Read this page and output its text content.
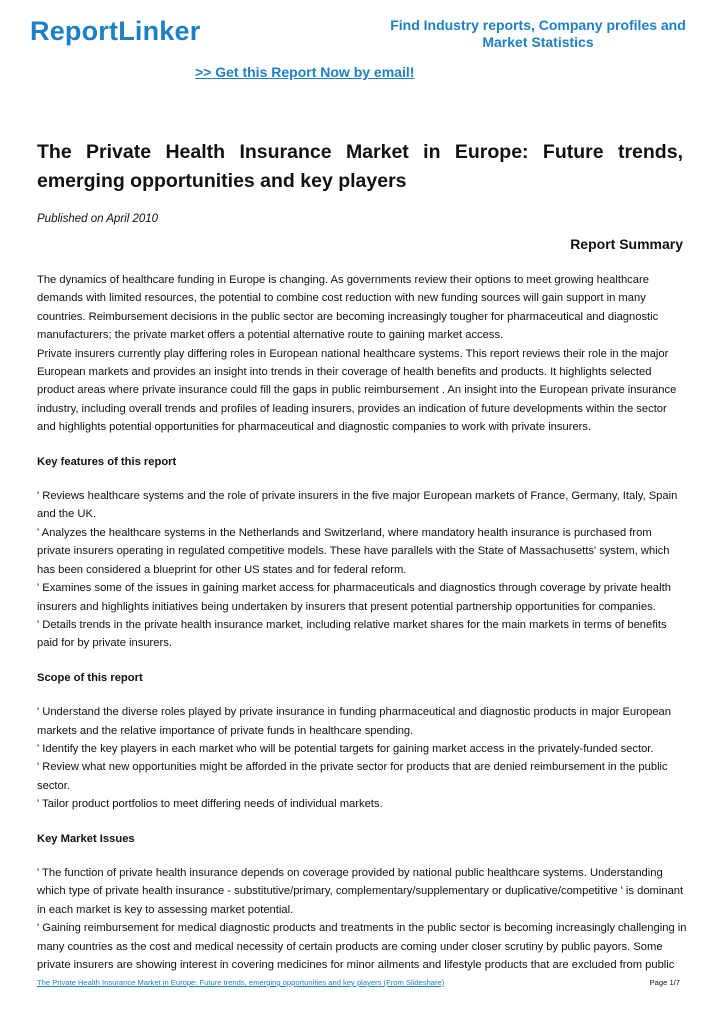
ReportLinker	Find Industry reports, Company profiles and Market Statistics
>> Get this Report Now by email!
The Private Health Insurance Market in Europe: Future trends, emerging opportunities and key players
Published on April 2010
Report Summary

The dynamics of healthcare funding in Europe is changing. As governments review their options to meet growing healthcare demands with limited resources, the potential to combine cost reduction with new funding sources will gain support in many countries. Reimbursement decisions in the public sector are becoming increasingly tougher for pharmaceutical and diagnostic manufacturers; the private market offers a potential alternative route to gaining market access.

Private insurers currently play differing roles in European national healthcare systems. This report reviews their role in the major European markets and provides an insight into trends in their coverage of health benefits and products. It highlights selected product areas where private insurance could fill the gaps in public reimbursement . An insight into the European private insurance industry, including overall trends and profiles of leading insurers, provides an indication of future developments within the sector and highlights potential opportunities for pharmaceutical and diagnostic companies to work with private insurers.

Key features of this report

' Reviews healthcare systems and the role of private insurers in the five major European markets of France, Germany, Italy, Spain and the UK.

' Analyzes the healthcare systems in the Netherlands and Switzerland, where mandatory health insurance is purchased from private insurers operating in regulated competitive models. These have parallels with the State of Massachusetts' system, which has been considered a blueprint for other US states and for federal reform.

' Examines some of the issues in gaining market access for pharmaceuticals and diagnostics through coverage by private health insurers and highlights initiatives being undertaken by insurers that present potential partnership opportunities for companies.

' Details trends in the private health insurance market, including relative market shares for the main markets in terms of benefits paid for by private insurers.

Scope of this report

' Understand the diverse roles played by private insurance in funding pharmaceutical and diagnostic products in major European markets and the relative importance of private funds in healthcare spending.

' Identify the key players in each market who will be potential targets for gaining market access in the privately-funded sector.

' Review what new opportunities might be afforded in the private sector for products that are denied reimbursement in the public sector.

' Tailor product portfolios to meet differing needs of individual markets.

Key Market Issues

' The function of private health insurance depends on coverage provided by national public healthcare systems. Understanding which type of private health insurance - substitutive/primary, complementary/supplementary or duplicative/competitive ' is dominant in each market is key to assessing market potential.

' Gaining reimbursement for medical diagnostic products and treatments in the public sector is becoming increasingly challenging in many countries as the cost and medical necessity of certain products are coming under closer scrutiny by public payors. Some private insurers are showing interest in covering medicines for minor ailments and lifestyle products that are excluded from public

The Private Health Insurance Market in Europe: Future trends, emerging opportunities and key players (From Slideshare)	Page 1/7
